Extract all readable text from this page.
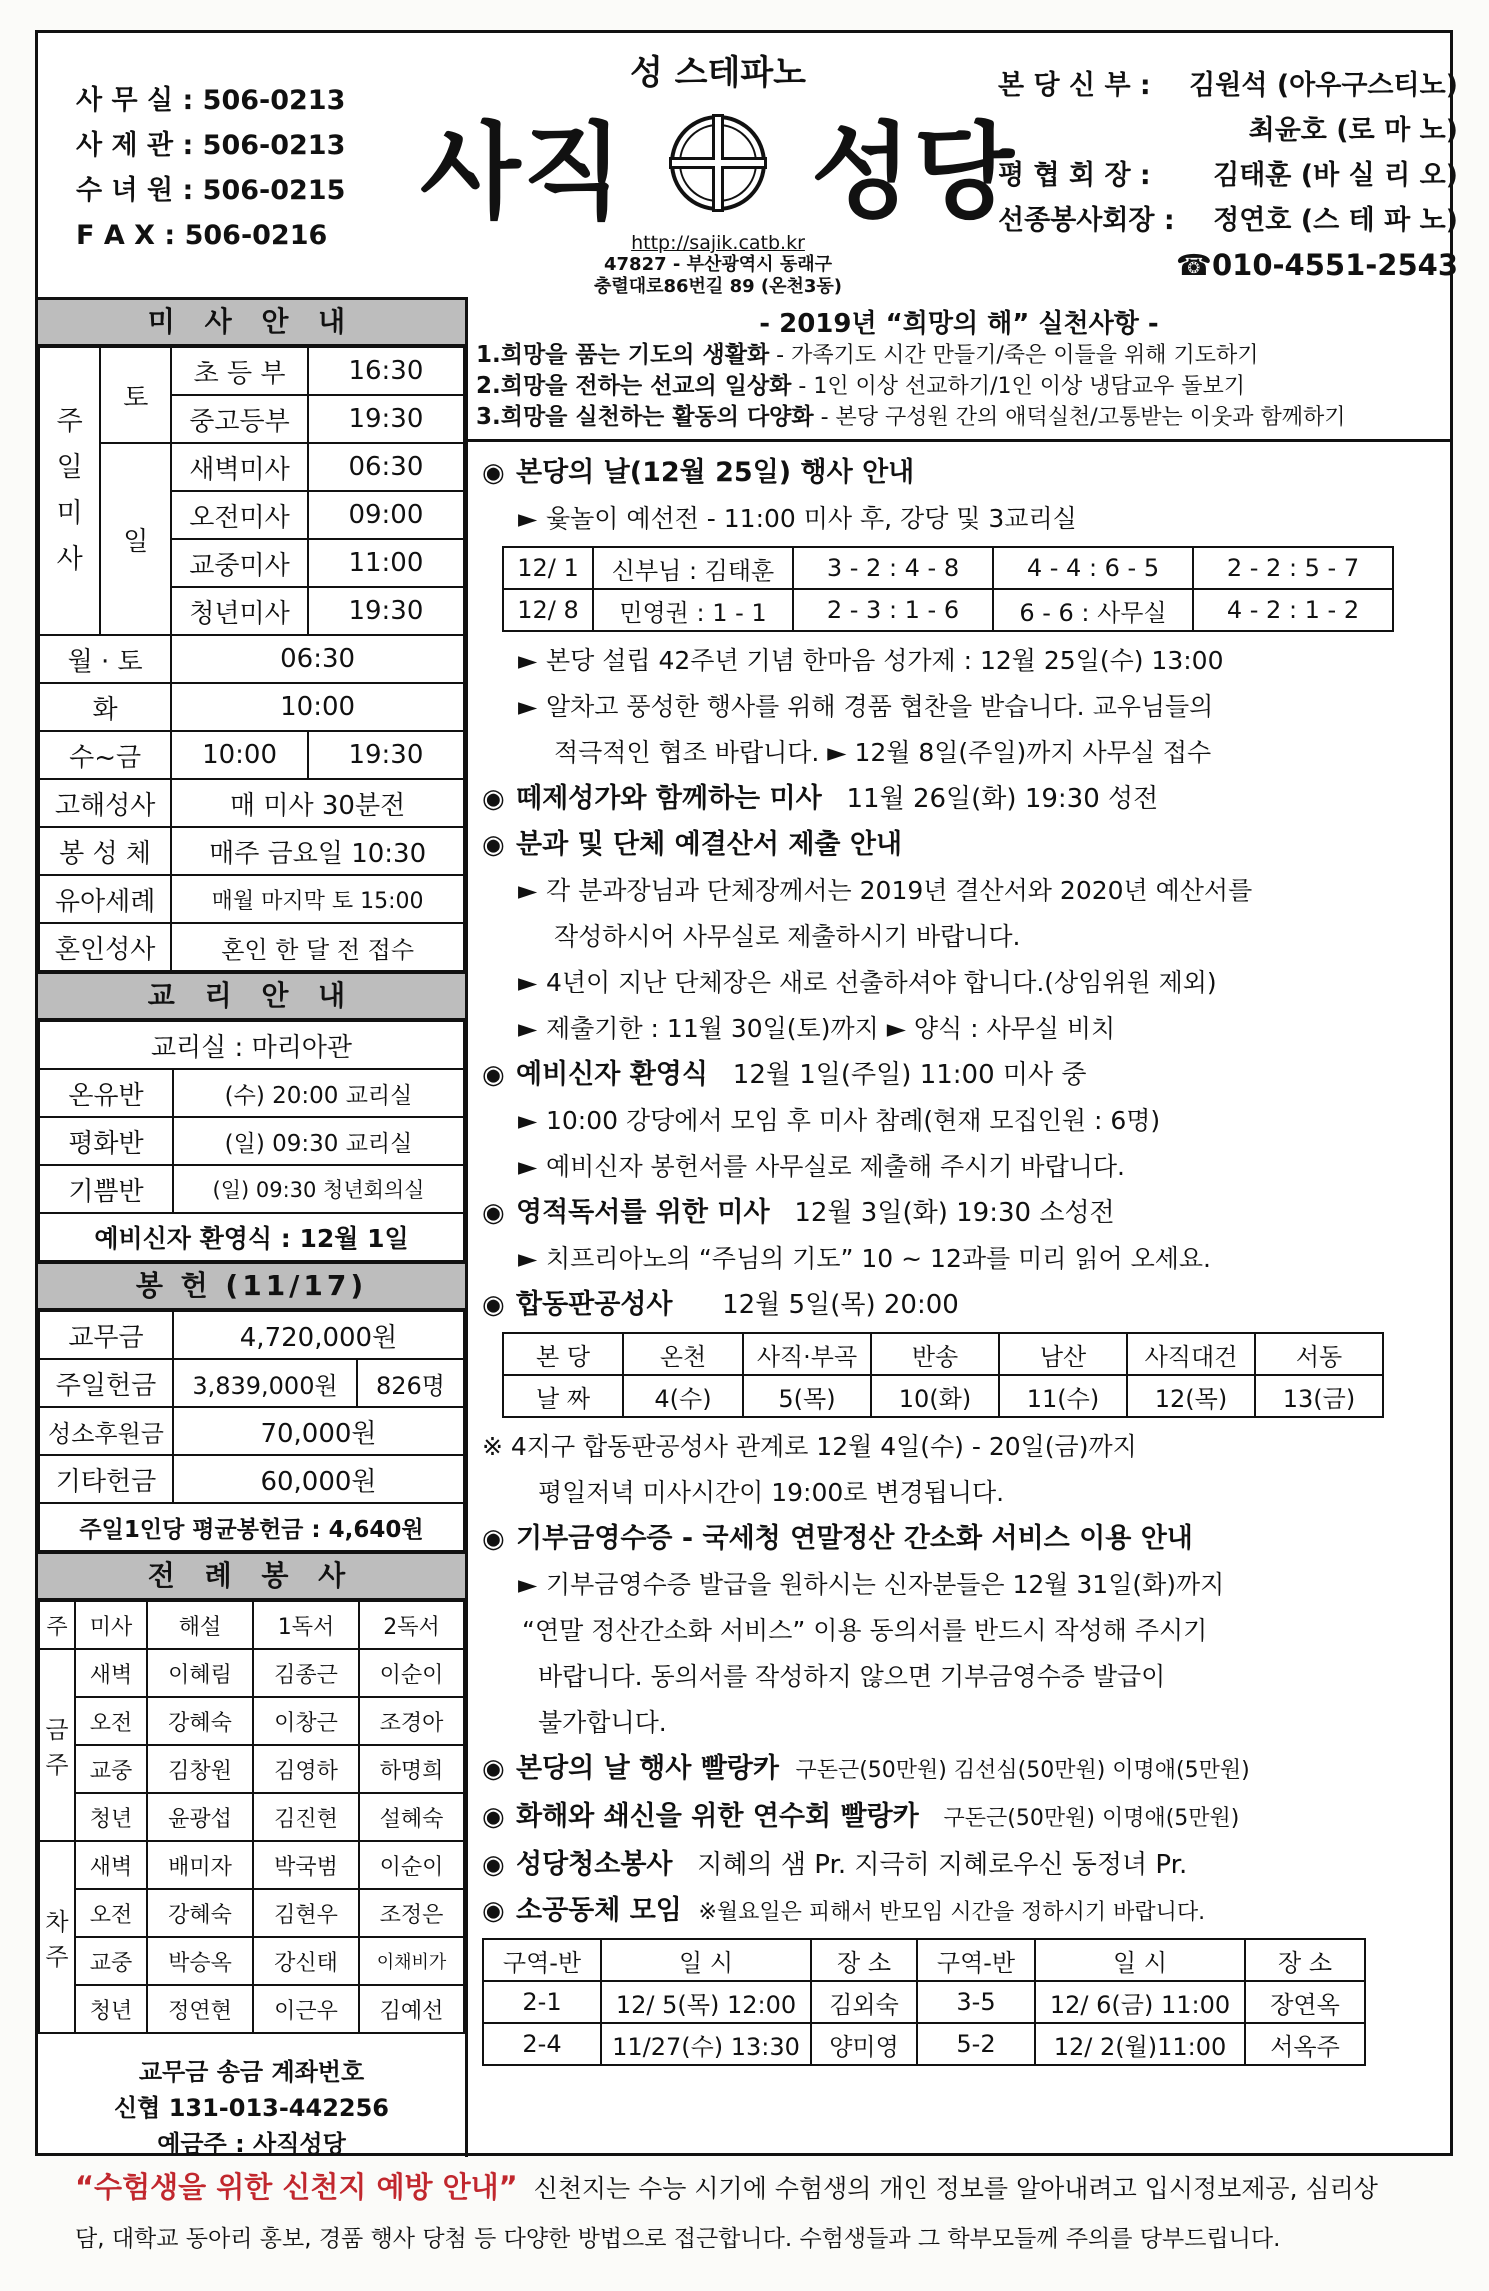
사 무 실 : 506-0213
사 제 관 : 506-0213
수 녀 원 : 506-0215
F A X : 506-0216
성 스테파노
사직 성당
http://sajik.catb.kr
47827 - 부산광역시 동래구
충렬대로86번길 89 (온천3동)
본 당 신 부 : 김원석 (아우구스티노)
최윤호 (로 마 노)
평 협 회 장 : 김태훈 (바 실 리 오)
선종봉사회장 : 정연호 (스 테 파 노)
☎010-4551-2543
미 사 안 내
주일미사	토	초 등 부	16:30
		중고등부	19:30
	일	새벽미사	06:30
		오전미사	09:00
		교중미사	11:00
		청년미사	19:30
월 · 토		06:30	
화		10:00	
수~금		10:00	19:30
고해성사		매 미사 30분전	
봉 성 체		매주 금요일 10:30	
유아세례		매월 마지막 토 15:00	
혼인성사		혼인 한 달 전 접수	
교 리 안 내
교리실 : 마리아관	
온유반	(수) 20:00 교리실
평화반	(일) 09:30 교리실
기쁨반	(일) 09:30 청년회의실
예비신자 환영식 : 12월 1일	
봉 헌 (11/17)
교무금	4,720,000원	
주일헌금	3,839,000원	826명
성소후원금	70,000원	
기타헌금	60,000원	
주일1인당 평균봉헌금 : 4,640원		
전 례 봉 사
주	미사	해설	1독서	2독서
금주	새벽	이혜림	김종근	이순이
	오전	강혜숙	이창근	조경아
	교중	김창원	김영하	하명희
	청년	윤광섭	김진현	설혜숙
차주	새벽	배미자	박국범	이순이
	오전	강혜숙	김현우	조정은
	교중	박승옥	강신태	이채비가
	청년	정연현	이근우	김예선
교무금 송금 계좌번호
신협 131-013-442256
예금주 : 사직성당
- 2019년 “희망의 해” 실천사항 -
1.희망을 품는 기도의 생활화 - 가족기도 시간 만들기/죽은 이들을 위해 기도하기
2.희망을 전하는 선교의 일상화 - 1인 이상 선교하기/1인 이상 냉담교우 돌보기
3.희망을 실천하는 활동의 다양화 - 본당 구성원 간의 애덕실천/고통받는 이웃과 함께하기
◉ 본당의 날(12월 25일) 행사 안내
► 윷놀이 예선전 - 11:00 미사 후, 강당 및 3교리실
12/ 1	신부님 : 김태훈	3 - 2 : 4 - 8	4 - 4 : 6 - 5	2 - 2 : 5 - 7
12/ 8	민영권 : 1 - 1	2 - 3 : 1 - 6	6 - 6 : 사무실	4 - 2 : 1 - 2
► 본당 설립 42주년 기념 한마음 성가제 : 12월 25일(수) 13:00
► 알차고 풍성한 행사를 위해 경품 협찬을 받습니다. 교우님들의
적극적인 협조 바랍니다. ► 12월 8일(주일)까지 사무실 접수
◉ 떼제성가와 함께하는 미사 11월 26일(화) 19:30 성전
◉ 분과 및 단체 예결산서 제출 안내
► 각 분과장님과 단체장께서는 2019년 결산서와 2020년 예산서를
작성하시어 사무실로 제출하시기 바랍니다.
► 4년이 지난 단체장은 새로 선출하셔야 합니다.(상임위원 제외)
► 제출기한 : 11월 30일(토)까지 ► 양식 : 사무실 비치
◉ 예비신자 환영식 12월 1일(주일) 11:00 미사 중
► 10:00 강당에서 모임 후 미사 참례(현재 모집인원 : 6명)
► 예비신자 봉헌서를 사무실로 제출해 주시기 바랍니다.
◉ 영적독서를 위한 미사 12월 3일(화) 19:30 소성전
► 치프리아노의 “주님의 기도” 10 ~ 12과를 미리 읽어 오세요.
◉ 합동판공성사 12월 5일(목) 20:00
본 당	온천	사직·부곡	반송	남산	사직대건	서동
날 짜	4(수)	5(목)	10(화)	11(수)	12(목)	13(금)
※ 4지구 합동판공성사 관계로 12월 4일(수) - 20일(금)까지
평일저녁 미사시간이 19:00로 변경됩니다.
◉ 기부금영수증 - 국세청 연말정산 간소화 서비스 이용 안내
► 기부금영수증 발급을 원하시는 신자분들은 12월 31일(화)까지
“연말 정산간소화 서비스” 이용 동의서를 반드시 작성해 주시기
바랍니다. 동의서를 작성하지 않으면 기부금영수증 발급이
불가합니다.
◉ 본당의 날 행사 빨랑카 구돈근(50만원) 김선심(50만원) 이명애(5만원)
◉ 화해와 쇄신을 위한 연수회 빨랑카 구돈근(50만원) 이명애(5만원)
◉ 성당청소봉사 지혜의 샘 Pr. 지극히 지혜로우신 동정녀 Pr.
◉ 소공동체 모임 ※월요일은 피해서 반모임 시간을 정하시기 바랍니다.
구역-반	일 시	장 소	구역-반	일 시	장 소
2-1	12/ 5(목) 12:00	김외숙	3-5	12/ 6(금) 11:00	장연옥
2-4	11/27(수) 13:30	양미영	5-2	12/ 2(월)11:00	서옥주
“수험생을 위한 신천지 예방 안내” 신천지는 수능 시기에 수험생의 개인 정보를 알아내려고 입시정보제공, 심리상
담, 대학교 동아리 홍보, 경품 행사 당첨 등 다양한 방법으로 접근합니다. 수험생들과 그 학부모들께 주의를 당부드립니다.
